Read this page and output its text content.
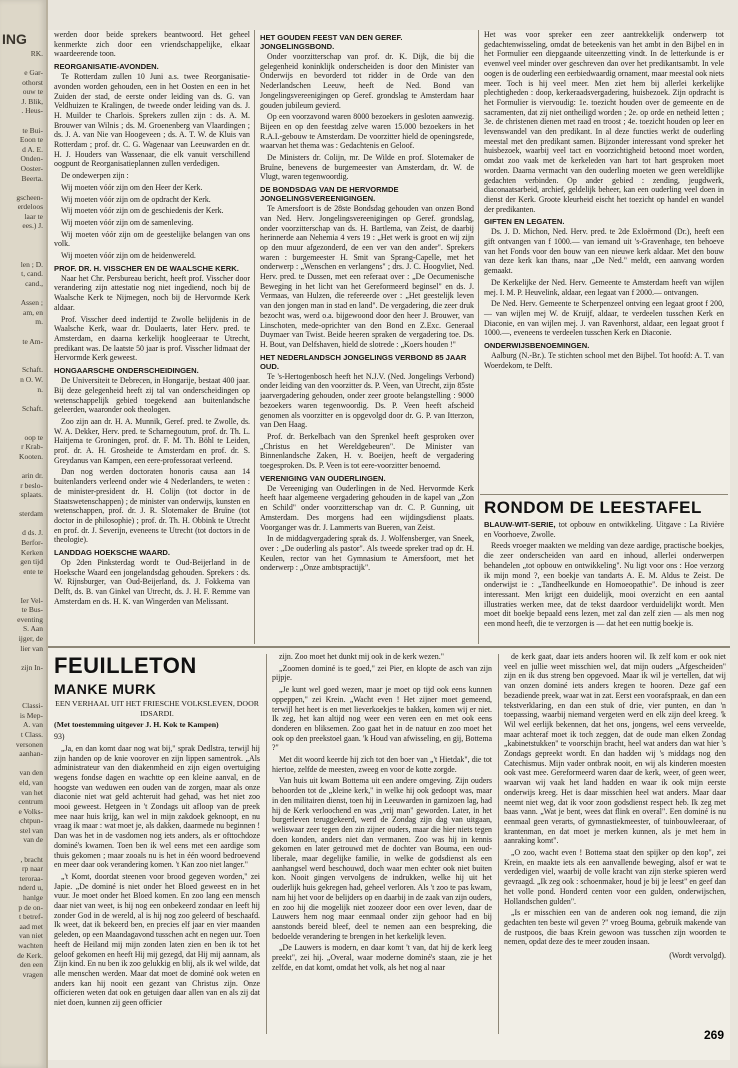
ING
RK.
e Gar-
othorst
ouw te
J. Blik,
. Heus-
te Bui-
Eoon te
d A. E.
Onden-
Ooster-
Beerta.
gscheen-
erdeloos
laar te
ees.) J.
len ; D.
t, cand.
cand.,
Assen ;
am, en
m.
te Am-
Schaft.
n O. W.
n.
Schaft.
oop te
r Krab-
Kooten.
arin dr.
r beslo-
splaats.
sterdam
d ds. J.
Berfor-
Kerken
gen tijd
ente te
Ier Vel-
te Bus-
eventing
S. Aan
ijger, de
lier van
zijn In-
Classi-
is Mep-
A. van
t Class.
versonen
aanhan-
van den
eld, van
van het
centrum
e Volks-
chtpun-
stel van
van de
, bracht
rp naar
teroraa-
nderd u,
hanlge
p de on-
t betref-
aad met
van niet
wachten
de Kerk.
den een
vragen

werden door beide sprekers beantwoord. Het geheel kenmerkte zich door een vriendschappelijke, elkaar waardeerende toon.

REORGANISATIE-AVONDEN.

Te Rotterdam zullen 10 Juni a.s. twee Reorganisatie-avonden worden gehouden, een in het Oosten en een in het Zuiden der stad, de eerste onder leiding van ds. G. van Veldhuizen te Kralingen, de tweede onder leiding van ds. J. H. Muilder te Charlois. Sprekers zullen zijn : ds. A. M. Brouwer van Wilnis ; ds. M. Groenenberg van Vlaardingen ; ds. J. A. van Nie van Hoogeveen ; ds. A. T. W. de Kluis van Rotterdam ; prof. dr. C. G. Wagenaar van Leeuwarden en dr. H. J. Houders van Wassenaar, die elk vanuit verschillend oogpunt de Reorganisatieplannen zullen verdedigen.

De ondewerpen zijn :

Wij moeten vóór zijn om den Heer der Kerk.

Wij moeten vóór zijn om de opdracht der Kerk.

Wij moeten vóór zijn om de geschiedenis der Kerk.

Wij moeten vóór zijn om de samenleving.

Wij moeten vóór zijn om de geestelijke belangen van ons volk.

Wij moeten vóór zijn om de heidenwereld.

PROF. DR. H. VISSCHER EN DE WAALSCHE KERK.

Naar het Chr. Persbureau bericht, heeft prof. Visscher door verandering zijn attestatie nog niet ingediend, noch bij de Waalsche Kerk te Nijmegen, noch bij de Hervormde Kerk aldaar.

Prof. Visscher deed indertijd te Zwolle belijdenis in de Waalsche Kerk, waar dr. Doulaerts, later Herv. pred. te Amsterdam, en daarna kerkelijk hoogleeraar te Utrecht, predikant was. De laatste 50 jaar is prof. Visscher lidmaat der Hervormde Kerk geweest.

HONGAARSCHE ONDERSCHEIDINGEN.

De Universiteit te Debrecen, in Hongarije, bestaat 400 jaar. Bij deze gelegenheid heeft zij tal van onderscheidingen op wetenschappelijk gebied toegekend aan buitenlandsche geleerden, waaronder ook theologen.

Zoo zijn aan dr. H. A. Munnik, Geref. pred. te Zwolle, ds. W. A. Dekker, Herv. pred. te Scharnegoutum, prof. dr. Th. L. Haitjema te Groningen, prof. dr. F. M. Th. Böhl te Leiden, prof. dr. A. H. Grosheide te Amsterdam en prof. dr. S. Greydanus van Kampen, een eere-professoraat verleend.

Dan nog werden doctoraten honoris causa aan 14 buitenlanders verleend onder wie 4 Nederlanders, te weten : de minister-president dr. H. Colijn (tot doctor in de Staatswetenschappen) ; de minister van onderwijs, kunsten en wetenschappen, prof. dr. J. R. Slotemaker de Bruïne (tot doctor in de philosophie) ; prof. dr. Th. H. Obbink te Utrecht en prof. dr. J. Severijn, eveneens te Utrecht (tot doctors in de theologie).

LANDDAG HOEKSCHE WAARD.

Op 2den Pinksterdag wordt te Oud-Beijerland in de Hoeksche Waard een jongelandsdag gehouden. Sprekers : ds. W. Rijnsburger, van Oud-Beijerland, ds. J. Fokkema van Delft, ds. B. van Ginkel van Utrecht, ds. J. H. F. Remme van Amsterdam en ds. H. K. van Wingerden van Melissant.

HET GOUDEN FEEST VAN DEN GEREF. JONGELINGSBOND.

Onder voorzitterschap van prof. dr. K. Dijk, die bij die gelegenheid koninklijk onderscheiden is door den Minister van Onderwijs en bevorderd tot ridder in de Orde van den Nederlandschen Leeuw, heeft de Ned. Bond van Jongelingsvereenigingen op Geref. grondslag te Amsterdam haar gouden jubileum gevierd.

Op een voorzavond waren 8000 bezoekers in gesloten aanwezig. Bijeen en op den feestdag zelve waren 15.000 bezoekers in het R.A.I.-gebouw te Amsterdam. De voorzitter hield de openingsrede, waarvan het thema was : Gedachtenis en Geloof.

De Ministers dr. Colijn, mr. De Wilde en prof. Slotemaker de Bruïne, benevens de burgemeester van Amsterdam, dr. W. de Vlugt, waren tegenwoordig.

DE BONDSDAG VAN DE HERVORMDE JONGELINGSVEREENIGINGEN.

Te Amersfoort is de 28ste Bondsdag gehouden van onzen Bond van Ned. Herv. Jongelingsvereenigingen op Geref. grondslag, onder voorzitterschap van ds. H. Bartlema, van Zeist, de daarbij herinnerde aan Nehemia 4 vers 19 : „Het werk is groot en wij zijn op den muur afgezonderd, de een ver van den ander". Sprekers waren : burgemeester H. Smit van Sprang-Capelle, met het onderwerp : „Wenschen en verlangens" ; drs. J. C. Hoogvliet, Ned. Herv. pred. te Dussen, met een referaat over : „De Oecumenische Beweging in het licht van het Gereformeerd beginsel" en ds. J. Vermaas, van Hulzen, die refereerde over : „Het geestelijk leven van den jongen man in stad en land". De vergadering, die zeer druk bezocht was, werd o.a. bijgewoond door den heer J. Brouwer, van Linschoten, mede-oprichter van den Bond en Z.Exc. Generaal Duymaer van Twist. Beide heeren spraken de vergadering toe. Ds. H. Bout, van Delfshaven, hield de slotrede : „Koers houden !"

HET NEDERLANDSCH JONGELINGS VERBOND 85 JAAR OUD.

Te 's-Hertogenbosch heeft het N.J.V. (Ned. Jongelings Verbond) onder leiding van den voorzitter ds. P. Veen, van Utrecht, zijn 85ste jaarvergadering gehouden, onder zeer groote belangstelling : 9000 bezoekers waren tegenwoordig. Ds. P. Veen heeft afscheid genomen als voorzitter en is opgevolgd door dr. G. P. van Itterzon, van Den Haag.

Prof. dr. Berkelbach van den Sprenkel heeft gesproken over „Christus en het Wereldgebeuren". De Minister van Binnenlandsche Zaken, H. v. Boeijen, heeft de vergadering toegesproken. Ds. P. Veen is tot eere-voorzitter benoemd.

VERENIGING VAN OUDERLINGEN.

De Vereeniging van Ouderlingen in de Ned. Hervormde Kerk heeft haar algemeene vergadering gehouden in de kapel van „Zon en Schild" onder voorzitterschap van dr. C. P. Gunning, uit Amsterdam. Des morgens had een wijdingsdienst plaats. Voorganger was dr. J. Lammerts van Bueren, van Zeist.

In de middagvergadering sprak ds. J. Wolfensberger, van Sneek, over : „De ouderling als pastor". Als tweede spreker trad op dr. H. Keulen, rector van het Gymnasium te Amersfoort, met het onderwerp : „Onze ambtspractijk".

Het was voor spreker een zeer aantrekkelijk onderwerp tot gedachtenwisseling, omdat de beteekenis van het ambt in den Bijbel en in het Formulier een diepgaande uiteenzetting vindt. In de letterkunde is er evenwel veel minder over geschreven dan over het predikantsambt. In vele oogen is de ouderling een eerbiedwaardig ornament, maar meestal ook niets meer. Toch is hij veel meer. Men ziet hem bij allerlei kerkelijke plechtigheden : doop, kerkeraadsvergadering, huisbezoek. Zijn opdracht is het Formulier is viervoudig: 1e. toezicht houden over de gemeente en de sacramenten, dat zij niet ontheiligd worden ; 2e. op orde en netheid letten ; 3e. de christenen dienen met raad en troost ; 4e. toezicht houden op leer en levenswandel van den predikant. In al deze functies werkt de ouderling meestal met den predikant samen. Bijzonder interessant vond spreker het huisbezoek, waarbij veel tact en voorzichtigheid betoond moet worden, omdat zoo vaak met de kerkeleden van hart tot hart gesproken moet worden. Daarna vermacht van den ouderling moeten we geen wereldlijke gedachten verbinden. Op ander gebied : zending, jeugdwerk, diaconaatsarbeid, archief, geldelijk beheer, kan een ouderling veel doen in dienst der Kerk. Groote kleurheid eischt het toezicht op handel en wandel der predikanten.

GIFTEN EN LEGATEN.

Ds. J. D. Michon, Ned. Herv. pred. te 2de Exloërmond (Dr.), heeft een gift ontvangen van f 1000.— van iemand uit 's-Gravenhage, ten behoeve van het Fonds voor den bouw van een nieuwe kerk aldaar. Met den bouw van deze kerk kan thans, naar „De Ned." meldt, een aanvang worden gemaakt.

De Kerkelijke der Ned. Herv. Gemeente te Amsterdam heeft van wijlen mej. I. M. P. Heuvelink, aldaar, een legaat van f 2000.— ontvangen.

De Ned. Herv. Gemeente te Scherpenzeel ontving een legaat groot f 200,— van wijlen mej W. de Kruijf, aldaar, te verdeelen tusschen Kerk en Diaconie, en van wijlen mej. J. van Ravenhorst, aldaar, een legaat groot f 1000.—, eveneens te verdeelen tusschen Kerk en Diaconie.

ONDERWIJSBENOEMINGEN.

Aalburg (N.-Br.). Te stichten school met den Bijbel. Tot hoofd: A. T. van Woerdekom, te Delft.

RONDOM DE LEESTAFEL

BLAUW-WIT-SERIE, tot opbouw en ontwikkeling. Uitgave : La Rivière en Voorhoeve, Zwolle.

Reeds vroeger maakten we melding van deze aardige, practische boekjes, die zeer onderscheiden van aard en inhoud, allerlei onderwerpen behandelen „tot opbouw en ontwikkeling". Nu ligt voor ons : Hoe verzorg ik mijn mond ?, een boekje van tandarts A. E. M. Aldus te Zeist. De onderwijst ie : „Tandheelkunde en Homoeopathie". De inhoud is zeer interessant. Men krijgt een duidelijk, mooi overzicht en een aantal illustraties werken mee, dat de tekst daardoor verduidelijkt wordt. Men moet dit boekje bepaald eens lezen, met zal dan zelf zien — als men nog een mond heeft, die te verzorgen is — dat het een nuttig boekje is.

FEUILLETON
MANKE MURK

EEN VERHAAL UIT HET FRIESCHE VOLKSLEVEN, DOOR IDSARDI.

(Met toestemming uitgever J. H. Kok te Kampen)

93)

„Ja, en dan komt daar nog wat bij," sprak Dedlstra, terwijl hij zijn handen op de knie voorover en zijn lippen samentrok. „Als administrateur van den diakenmheid en zijn eigen overtuiging wegens fondse dagen en wachtte op een kleine aanval, en de hoogste van weduwen een ouden van de zorgen, maar als onze diaconie niet wat geld achteruit had gehad, was het niet zoo mooi geweest. Hetgeen in 't Zondags uit afloop van de preek mee naar huis krijg, kan wel in mijn zakdoek geknoopt, en nu vraag ik maar : wat moet je, als dakken, daarmede nu beginnen ! Dan was het in de vasdomen nog iets anders, als er ofttochdoze dominé's kwamen. Toen ben ik wel eens met een aardige som thuis gekomen ; maar zooals nu is het in één woord bedroevend en meer daar ook verandering komen. 't Kan zoo niet langer."

„'t Komt, doordat steenen voor brood gegeven worden," zei Japie. „De dominé is niet onder het Bloed geweest en in het vuur. Je moet onder het Bloed komen. En zoo lang een mensch daar niet van weet, is hij nog een onbekeerd zondaar en leeft hij zonder God in de wereld, al is hij nog zoo geleerd of beschaafd. Ik weet, dat ik bekeerd ben, en precies elf jaar en vier maanden geleden, op een Maandagavond tusschen acht en negen uur. Toen heeft de Heiland mij mijn zonden laten zien en ben ik tot het geloof gekomen en heeft Hij mij gezegd, dat Hij mij aannam, als Zijn kind. En nu ben ik zoo gelukkig en blij, als ik wel wilde, dat alle menschen werden. Maar dat moet de dominé ook weten en anders kan hij nooit een gezant van Christus zijn. Onze officieren weten dat ook en getuigen daar allen van en als zij dat niet doen, kunnen zij geen officier

zijn. Zoo moet het dunkt mij ook in de kerk wezen."

„Zoomen dominé is te goed," zei Pier, en klopte de asch van zijn pijpje.

„Je kunt wel goed wezen, maar je moet op tijd ook eens kunnen oppeppen," zei Krein. „Wacht even ! Het zijner moet gemeend, terwijl het heet is en met lieverkoekjes te bakken, komen wij er niet. Ik zeg, het kan altijd nog weer een veren een en met ook eens donderen en bliksemen. Zoo gaat het in de natuur en zoo moet het ook op den preekstoel gaan. 'k Houd van afwisseling, en gij, Bottema ?"

Met dit woord keerde hij zich tot den boer van „'t Hietdak", die tot hiertoe, zelfde de meesten, zweeg en voor de kotte zorgde.

Van huis uit kwam Bottema uit een andere omgeving. Zijn ouders behoorden tot de „kleine kerk," in welke hij ook gedoopt was, maar in den militairen dienst, toen hij in Leeuwarden in garnizoen lag, had hij de Kerk verloochend en was „vrij man" geworden. Later, in het burgerleven teruggekeerd, werd de Zondag zijn dag van uitgaan, weliswaar zeer tegen den zin zijner ouders, maar die hier niets tegen doen konden, anders niet dan vermanen. Zoo was hij in kennis gekomen en later getrouwd met de dochter van Bouma, een oud-liberale, maar degelijke familie, in welke de godsdienst als een aanhangsel werd beschouwd, doch waar men echter ook niet buiten kon. Nooit gingen vervolgens de indrukken, welke hij uit het ouderlijk huis gekregen had, geheel verloren. Als 't zoo te pas kwam, nam hij het voor de belijders op en daarbij in de zaak van zijn ouders, en zoo hij die mogelijk niet zoozeer door een over leven, daar de Lauwers hem nog maar eenmaal onder zijn gehoor had en bij aanstonds bereid bleef, deel te nemen aan een bespreking, die bedoelde verandering te brengen in het kerkelijk leven.

„De Lauwers is modern, en daar komt 't van, dat hij de kerk leeg preekt", zei hij. „Overal, waar moderne dominé's staan, zie je het zelfde, en dat komt, omdat het volk, als het nog al naar

de kerk gaat, daar iets anders hooren wil. Ik zelf kom er ook niet veel en jullie weet misschien wel, dat mijn ouders „Afgescheiden" zijn en ik dus streng ben opgevoed. Maar ik wil je vertellen, dat wij van onzen dominé iets anders kregen te hooren. Deze gaf een bezadiende preek, waar wat in zat. Eerst een voorafspraak, en dan een tekstverklaring, en dan een stuk of drie, vier punten, en dan 'n toepassing, waarbij niemand vergeten werd en elk zijn deel kreeg. 'k Wil wel eerlijk bekennen, dat het ons, jongens, wel eens verveelde, maar achteraf moet ik toch zeggen, dat de oude man elken Zondag „kabinetstukken" te voorschijn bracht, heel wat anders dan wat hier 's Zondags gepreekt wordt. En dan hadden wij 's middags nog den Catechismus. Mijn vader ontbrak nooit, en wij als kinderen moesten ook vast mee. Gereformeerd waren daar de kerk, weer, of geen weer, waarvan wij vaak het land hadden en waar ik ook mijn eerste onderwijs kreeg. Het is daar misschien heel wat anders. Maar daar neemt niet weg, dat ik voor zoon godsdienst respect heb. Ik zeg met baas vann. „Wat je bent, wees dat flink en overal". Een dominé is nu eenmaal geen verarts, of gymnastiekmeester, of tuinbouwleeraar, of krantenman, en dat moet je merken kunnen, als je met hem in aanraking komt".

„O zoo, wacht even ! Bottema staat den spijker op den kop", zei Krein, en maakte iets als een aanvallende beweging, alsof er wat te verdedigen viel, waarbij de volle kracht van zijn sterke spieren werd gevraagd. „Ik zeg ook : schoenmaker, houd je bij je leest" en geef dan het volle pond. Honderd centen voor een gulden, onderwijschen, Hollandschen gulden".

„Is er misschien een van de anderen ook nog iemand, die zijn gedachten ten beste wil geven ?" vroeg Bouma, gebruik makende van de rustpoos, die baas Krein gewoon was tusschen zijn woorden te nemen, opdat deze des te meer zouden insaan.

(Wordt vervolgd).

269
